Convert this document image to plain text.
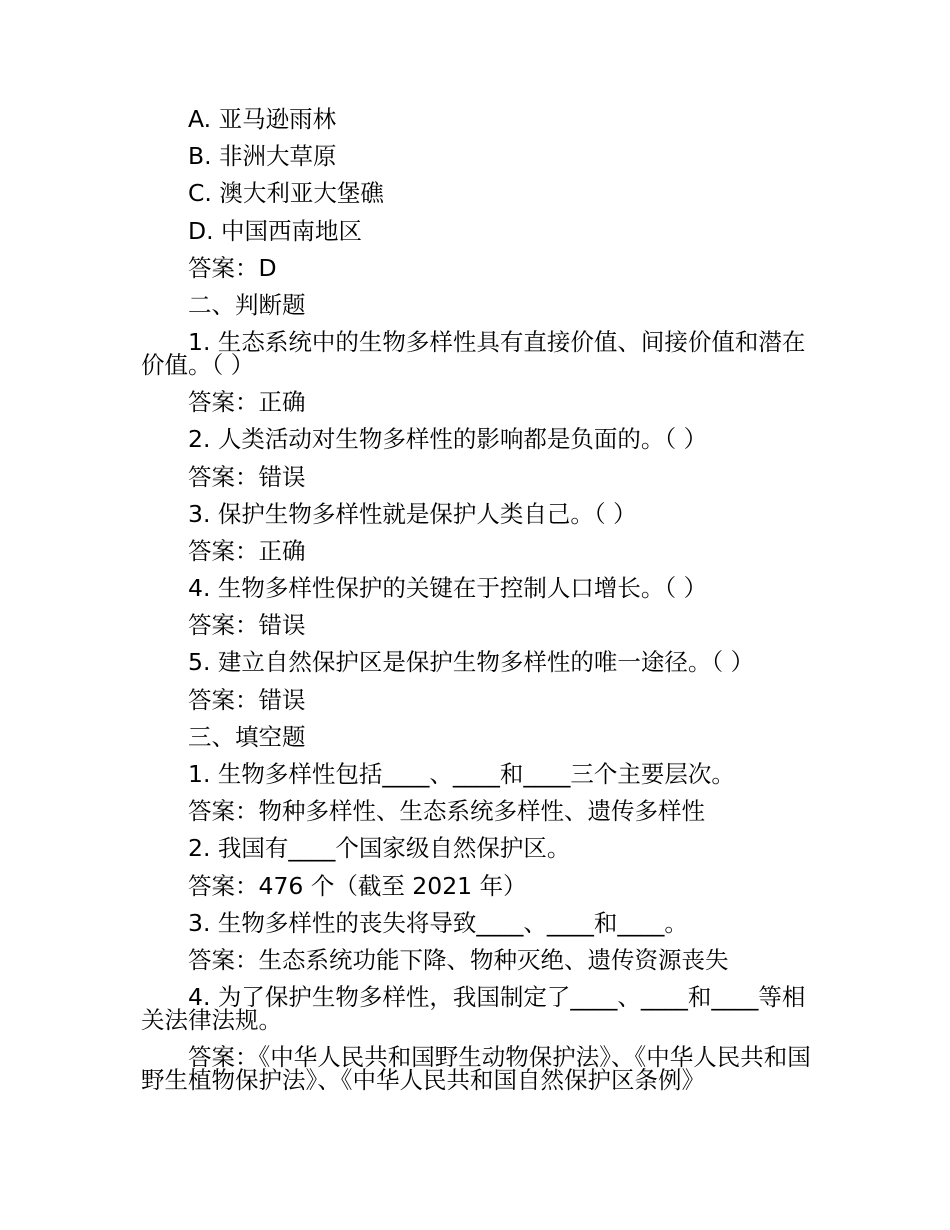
A. 亚马逊雨林
B. 非洲大草原
C. 澳大利亚大堡礁
D. 中国西南地区
答案：D
二、判断题
1. 生态系统中的生物多样性具有直接价值、间接价值和潜在价值。（ ）
答案：正确
2. 人类活动对生物多样性的影响都是负面的。（ ）
答案：错误
3. 保护生物多样性就是保护人类自己。（ ）
答案：正确
4. 生物多样性保护的关键在于控制人口增长。（ ）
答案：错误
5. 建立自然保护区是保护生物多样性的唯一途径。（ ）
答案：错误
三、填空题
1. 生物多样性包括____、____和____三个主要层次。
答案：物种多样性、生态系统多样性、遗传多样性
2. 我国有____个国家级自然保护区。
答案：476 个（截至 2021 年）
3. 生物多样性的丧失将导致____、____和____。
答案：生态系统功能下降、物种灭绝、遗传资源丧失
4. 为了保护生物多样性，我国制定了____、____和____等相关法律法规。
答案：《中华人民共和国野生动物保护法》、《中华人民共和国野生植物保护法》、《中华人民共和国自然保护区条例》
